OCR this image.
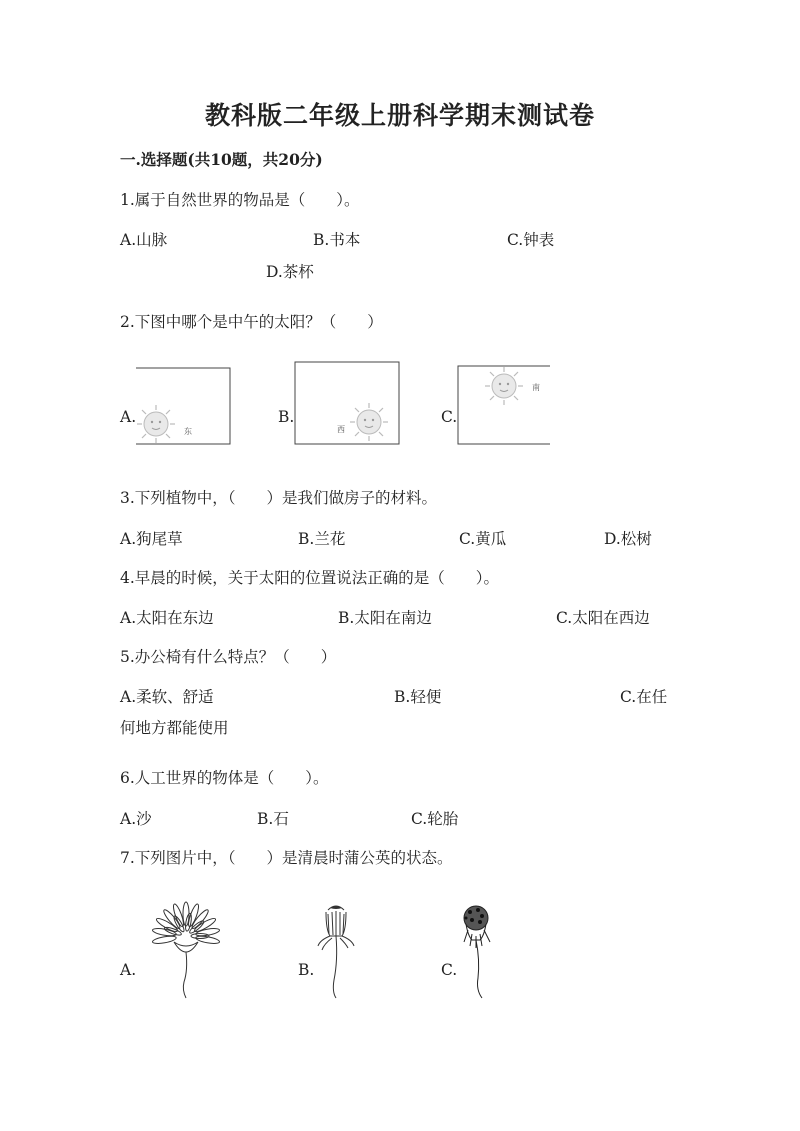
教科版二年级上册科学期末测试卷
一.选择题(共10题，共20分)
1.属于自然世界的物品是（　　）。
A.山脉	B.书本	C.钟表
D.茶杯
2.下图中哪个是中午的太阳？（　　）
A.	B.	C.
东	西
南
3.下列植物中，（　　）是我们做房子的材料。
A.狗尾草	B.兰花	C.黄瓜	D.松树
4.早晨的时候，关于太阳的位置说法正确的是（　　）。
A.太阳在东边	B.太阳在南边	C.太阳在西边
5.办公椅有什么特点？（　　）
A.柔软、舒适	B.轻便	C.在任
何地方都能使用
6.人工世界的物体是（　　）。
A.沙	B.石	C.轮胎
7.下列图片中，（　　）是清晨时蒲公英的状态。
A.	B.	C.
